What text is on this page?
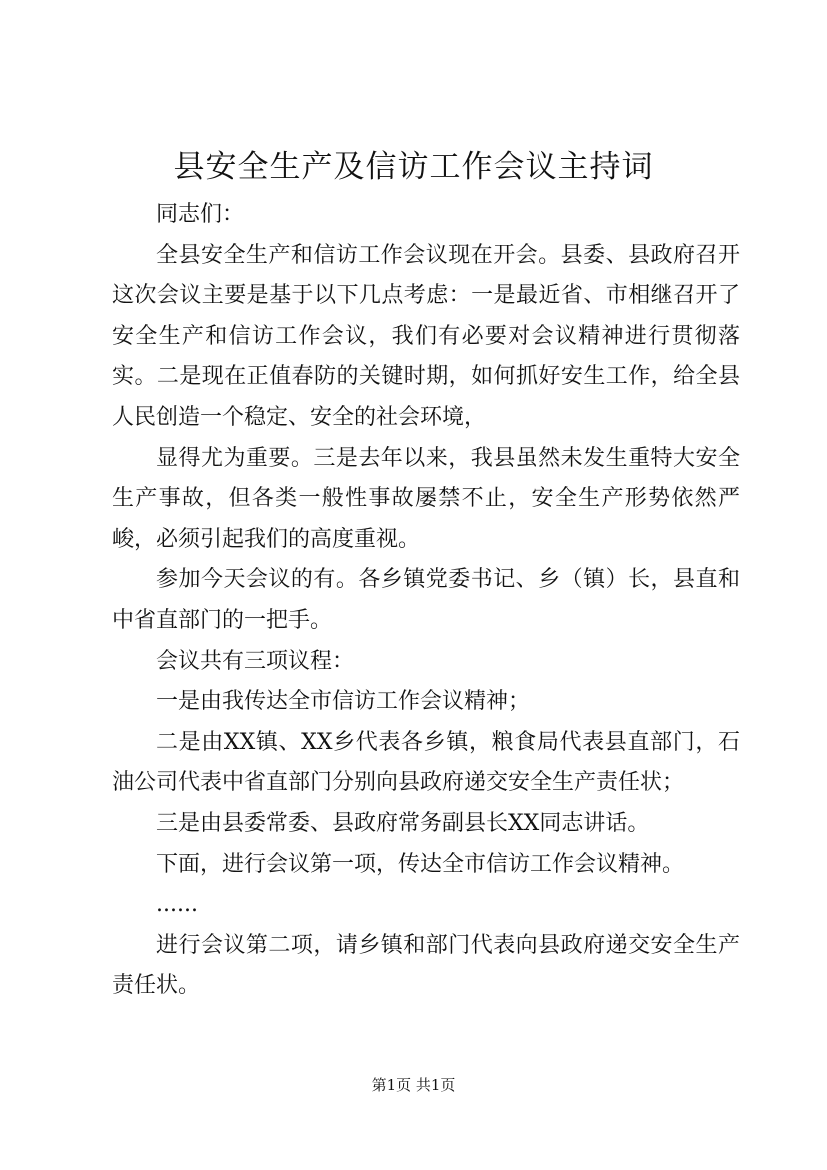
县安全生产及信访工作会议主持词

同志们：

全县安全生产和信访工作会议现在开会。县委、县政府召开这次会议主要是基于以下几点考虑：一是最近省、市相继召开了安全生产和信访工作会议，我们有必要对会议精神进行贯彻落实。二是现在正值春防的关键时期，如何抓好安生工作，给全县人民创造一个稳定、安全的社会环境，

显得尤为重要。三是去年以来，我县虽然未发生重特大安全生产事故，但各类一般性事故屡禁不止，安全生产形势依然严峻，必须引起我们的高度重视。

参加今天会议的有。各乡镇党委书记、乡（镇）长，县直和中省直部门的一把手。

会议共有三项议程：

一是由我传达全市信访工作会议精神；

二是由XX镇、XX乡代表各乡镇，粮食局代表县直部门，石油公司代表中省直部门分别向县政府递交安全生产责任状；

三是由县委常委、县政府常务副县长XX同志讲话。

下面，进行会议第一项，传达全市信访工作会议精神。

......

进行会议第二项，请乡镇和部门代表向县政府递交安全生产责任状。

第1页 共1页
